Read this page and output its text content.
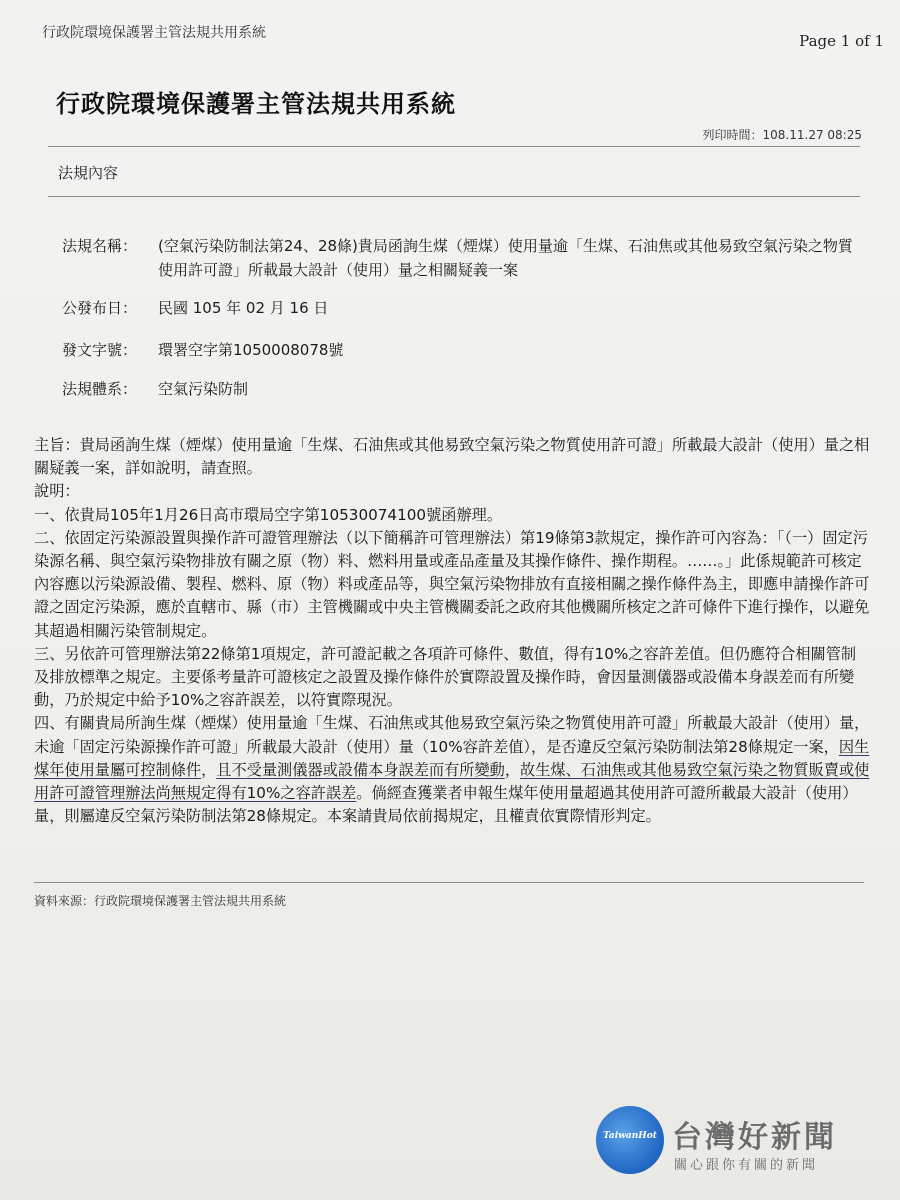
行政院環境保護署主管法規共用系統	Page 1 of 1
行政院環境保護署主管法規共用系統
列印時間：108.11.27 08:25
法規內容
法規名稱：	(空氣污染防制法第24、28條)貴局函詢生煤（煙煤）使用量逾「生煤、石油焦或其他易致空氣污染之物質使用許可證」所載最大設計（使用）量之相關疑義一案
公發布日：	民國 105 年 02 月 16 日
發文字號：	環署空字第1050008078號
法規體系：	空氣污染防制

主旨：貴局函詢生煤（煙煤）使用量逾「生煤、石油焦或其他易致空氣污染之物質使用許可證」所載最大設計（使用）量之相關疑義一案，詳如說明，請查照。

說明：

一、依貴局105年1月26日高市環局空字第10530074100號函辦理。

二、依固定污染源設置與操作許可證管理辦法（以下簡稱許可管理辦法）第19條第3款規定，操作許可內容為：「（一）固定污染源名稱、與空氣污染物排放有關之原（物）料、燃料用量或產品產量及其操作條件、操作期程。……。」此係規範許可核定內容應以污染源設備、製程、燃料、原（物）料或產品等，與空氣污染物排放有直接相關之操作條件為主，即應申請操作許可證之固定污染源，應於直轄市、縣（市）主管機關或中央主管機關委託之政府其他機關所核定之許可條件下進行操作，以避免其超過相關污染管制規定。

三、另依許可管理辦法第22條第1項規定，許可證記載之各項許可條件、數值，得有10%之容許差值。但仍應符合相關管制及排放標準之規定。主要係考量許可證核定之設置及操作條件於實際設置及操作時，會因量測儀器或設備本身誤差而有所變動，乃於規定中給予10%之容許誤差，以符實際現況。

四、有關貴局所詢生煤（煙煤）使用量逾「生煤、石油焦或其他易致空氣污染之物質使用許可證」所載最大設計（使用）量，未逾「固定污染源操作許可證」所載最大設計（使用）量（10%容許差值），是否違反空氣污染防制法第28條規定一案，因生煤年使用量屬可控制條件，且不受量測儀器或設備本身誤差而有所變動，故生煤、石油焦或其他易致空氣污染之物質販賣或使用許可證管理辦法尚無規定得有10%之容許誤差。倘經查獲業者申報生煤年使用量超過其使用許可證所載最大設計（使用）量，則屬違反空氣污染防制法第28條規定。本案請貴局依前揭規定，且權責依實際情形判定。

資料來源：行政院環境保護署主管法規共用系統
TaiwanHot 台灣好新聞
關心跟你有關的新聞
